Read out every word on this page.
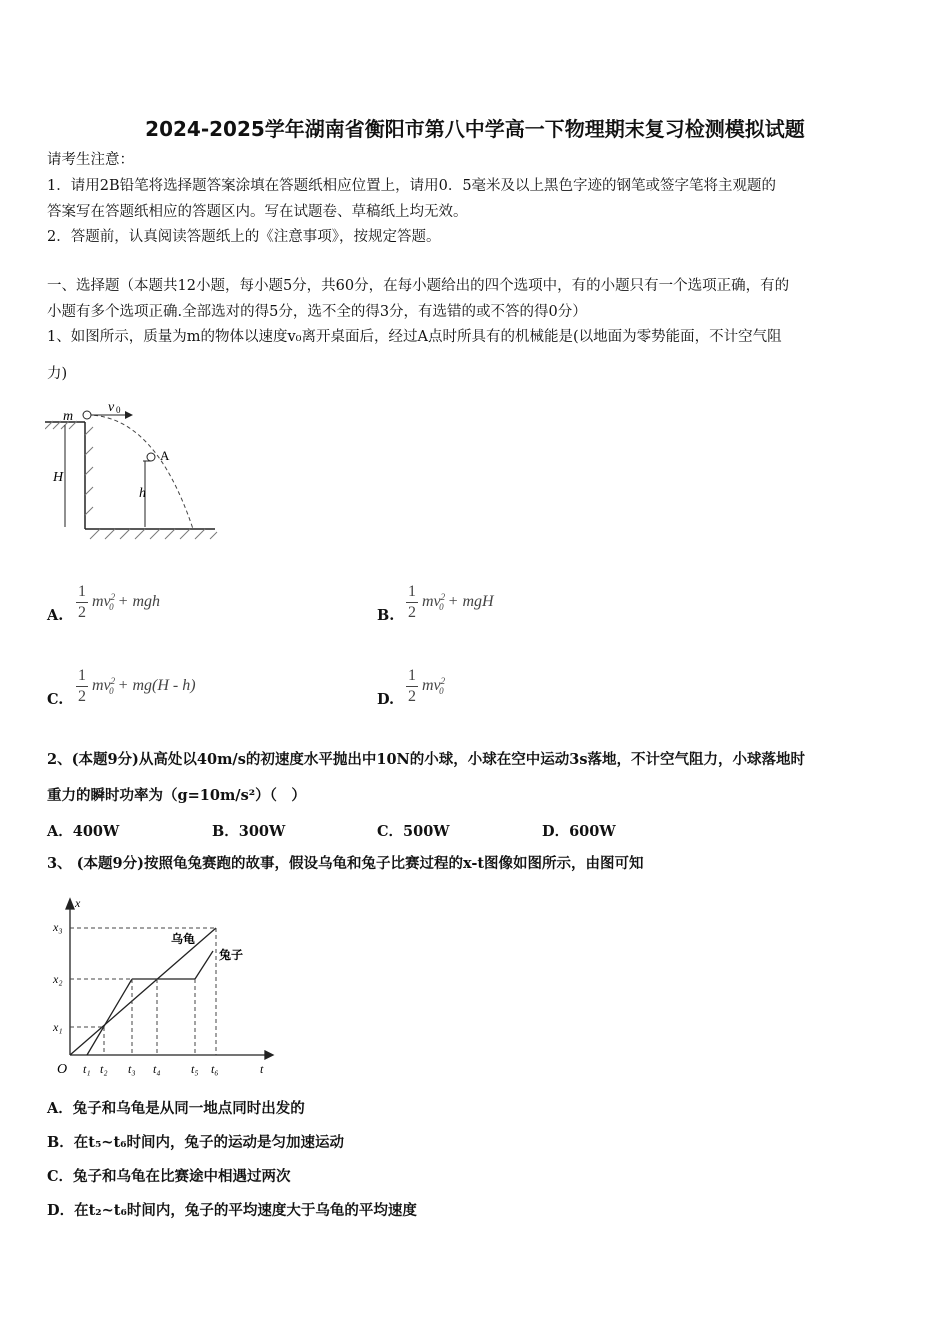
2024-2025学年湖南省衡阳市第八中学高一下物理期末复习检测模拟试题
请考生注意：
1．请用2B铅笔将选择题答案涂填在答题纸相应位置上，请用0．5毫米及以上黑色字迹的钢笔或签字笔将主观题的
答案写在答题纸相应的答题区内。写在试题卷、草稿纸上均无效。
2．答题前，认真阅读答题纸上的《注意事项》，按规定答题。
一、选择题（本题共12小题，每小题5分，共60分，在每小题给出的四个选项中，有的小题只有一个选项正确，有的
小题有多个选项正确.全部选对的得5分，选不全的得3分，有选错的或不答的得0分）
1、如图所示，质量为m的物体以速度v₀离开桌面后，经过A点时所具有的机械能是(以地面为零势能面，不计空气阻
力)
m
v 0
H
A
h
A. $\frac{1}{2} mv^2_0$ + mgh
B. $\frac{1}{2} mv^2_0$ + mgH
C. $\frac{1}{2} mv^2_0 + mg(H - h)$
D. $\frac{1}{2} mv^2_0$
2、(本题9分)从高处以40m/s的初速度水平抛出中10N的小球，小球在空中运动3s落地，不计空气阻力，小球落地时
重力的瞬时功率为（g=10m/s²）（　）
A．400W	B．300W	C．500W	D．600W
3、 (本题9分)按照龟兔赛跑的故事，假设乌龟和兔子比赛过程的x-t图像如图所示，由图可知
x
t
O
x₃
x₂
x₁
t₁ t₂ t₃ t₄	t₅ t₆
乌龟
兔子
A．兔子和乌龟是从同一地点同时出发的
B．在t₅~t₆时间内，兔子的运动是匀加速运动
C．兔子和乌龟在比赛途中相遇过两次
D．在t₂~t₆时间内，兔子的平均速度大于乌龟的平均速度
